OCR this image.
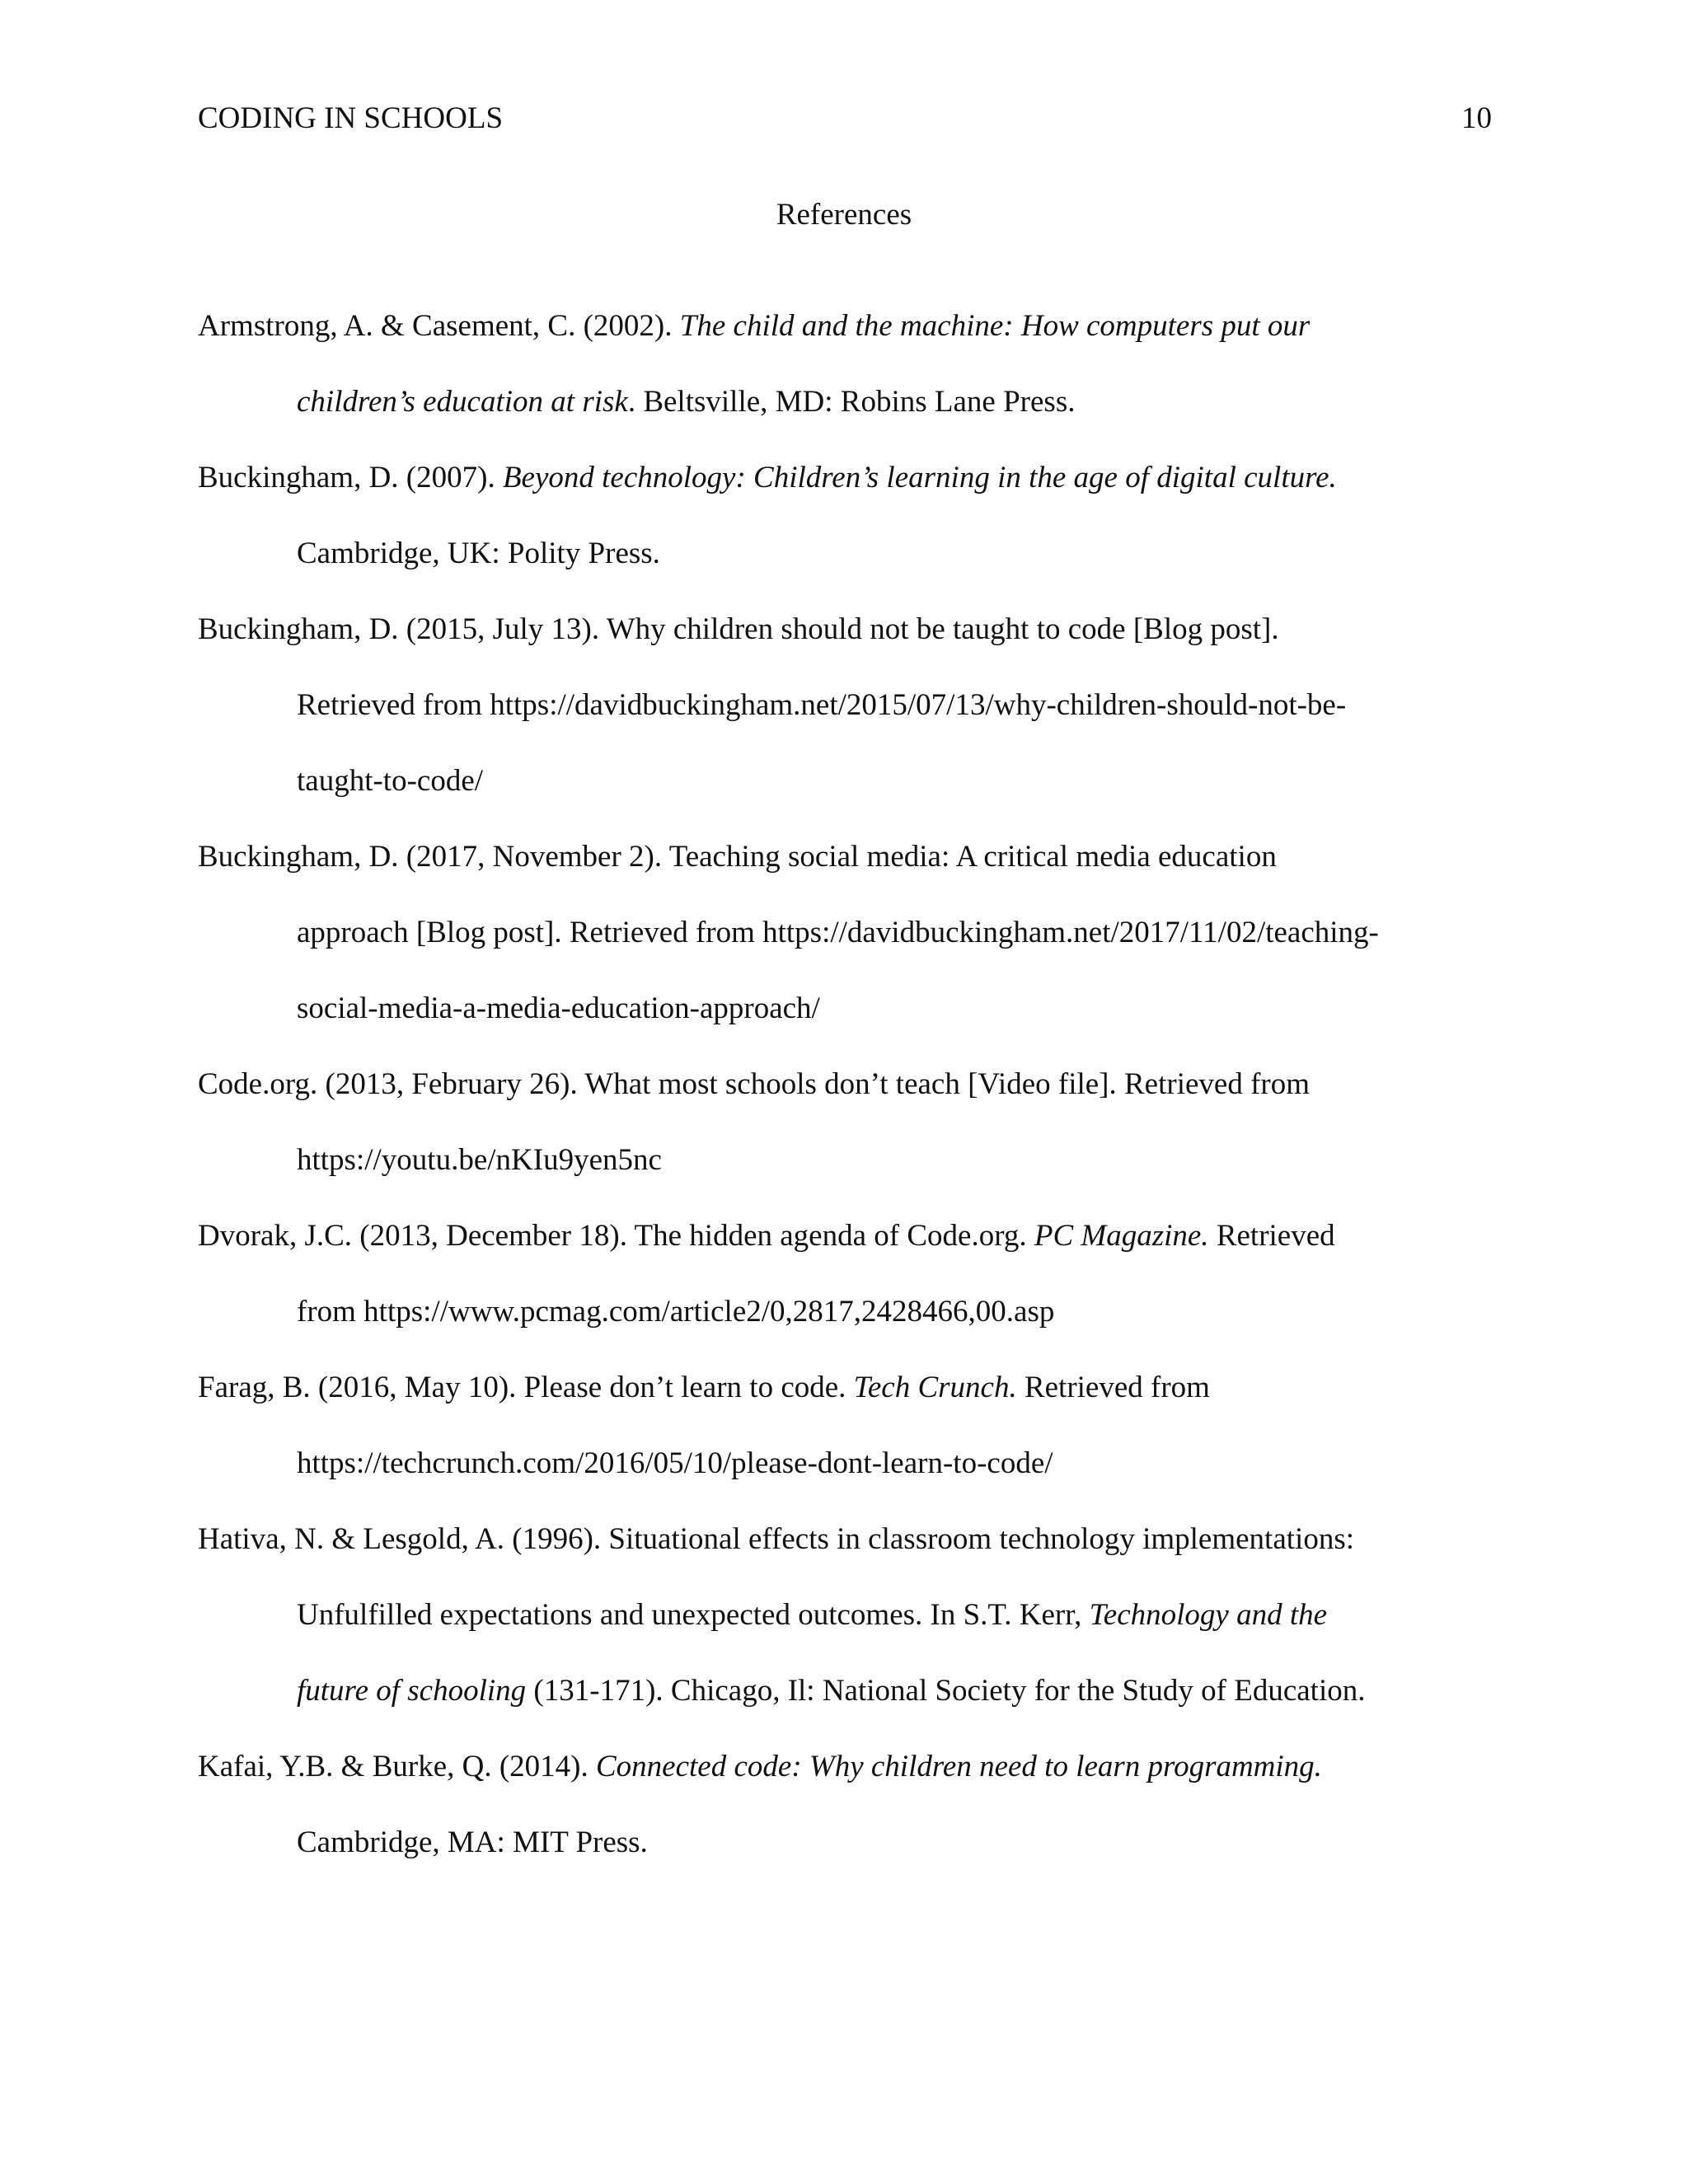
CODING IN SCHOOLS	10
References
Armstrong, A. & Casement, C. (2002). The child and the machine: How computers put our
children’s education at risk. Beltsville, MD: Robins Lane Press.
Buckingham, D. (2007). Beyond technology: Children’s learning in the age of digital culture.
Cambridge, UK: Polity Press.
Buckingham, D. (2015, July 13). Why children should not be taught to code [Blog post].
Retrieved from https://davidbuckingham.net/2015/07/13/why-children-should-not-be-
taught-to-code/
Buckingham, D. (2017, November 2). Teaching social media: A critical media education
approach [Blog post]. Retrieved from https://davidbuckingham.net/2017/11/02/teaching-
social-media-a-media-education-approach/
Code.org. (2013, February 26). What most schools don’t teach [Video file]. Retrieved from
https://youtu.be/nKIu9yen5nc
Dvorak, J.C. (2013, December 18). The hidden agenda of Code.org. PC Magazine. Retrieved
from https://www.pcmag.com/article2/0,2817,2428466,00.asp
Farag, B. (2016, May 10). Please don’t learn to code. Tech Crunch. Retrieved from
https://techcrunch.com/2016/05/10/please-dont-learn-to-code/
Hativa, N. & Lesgold, A. (1996). Situational effects in classroom technology implementations:
Unfulfilled expectations and unexpected outcomes. In S.T. Kerr, Technology and the
future of schooling (131-171). Chicago, Il: National Society for the Study of Education.
Kafai, Y.B. & Burke, Q. (2014). Connected code: Why children need to learn programming.
Cambridge, MA: MIT Press.
